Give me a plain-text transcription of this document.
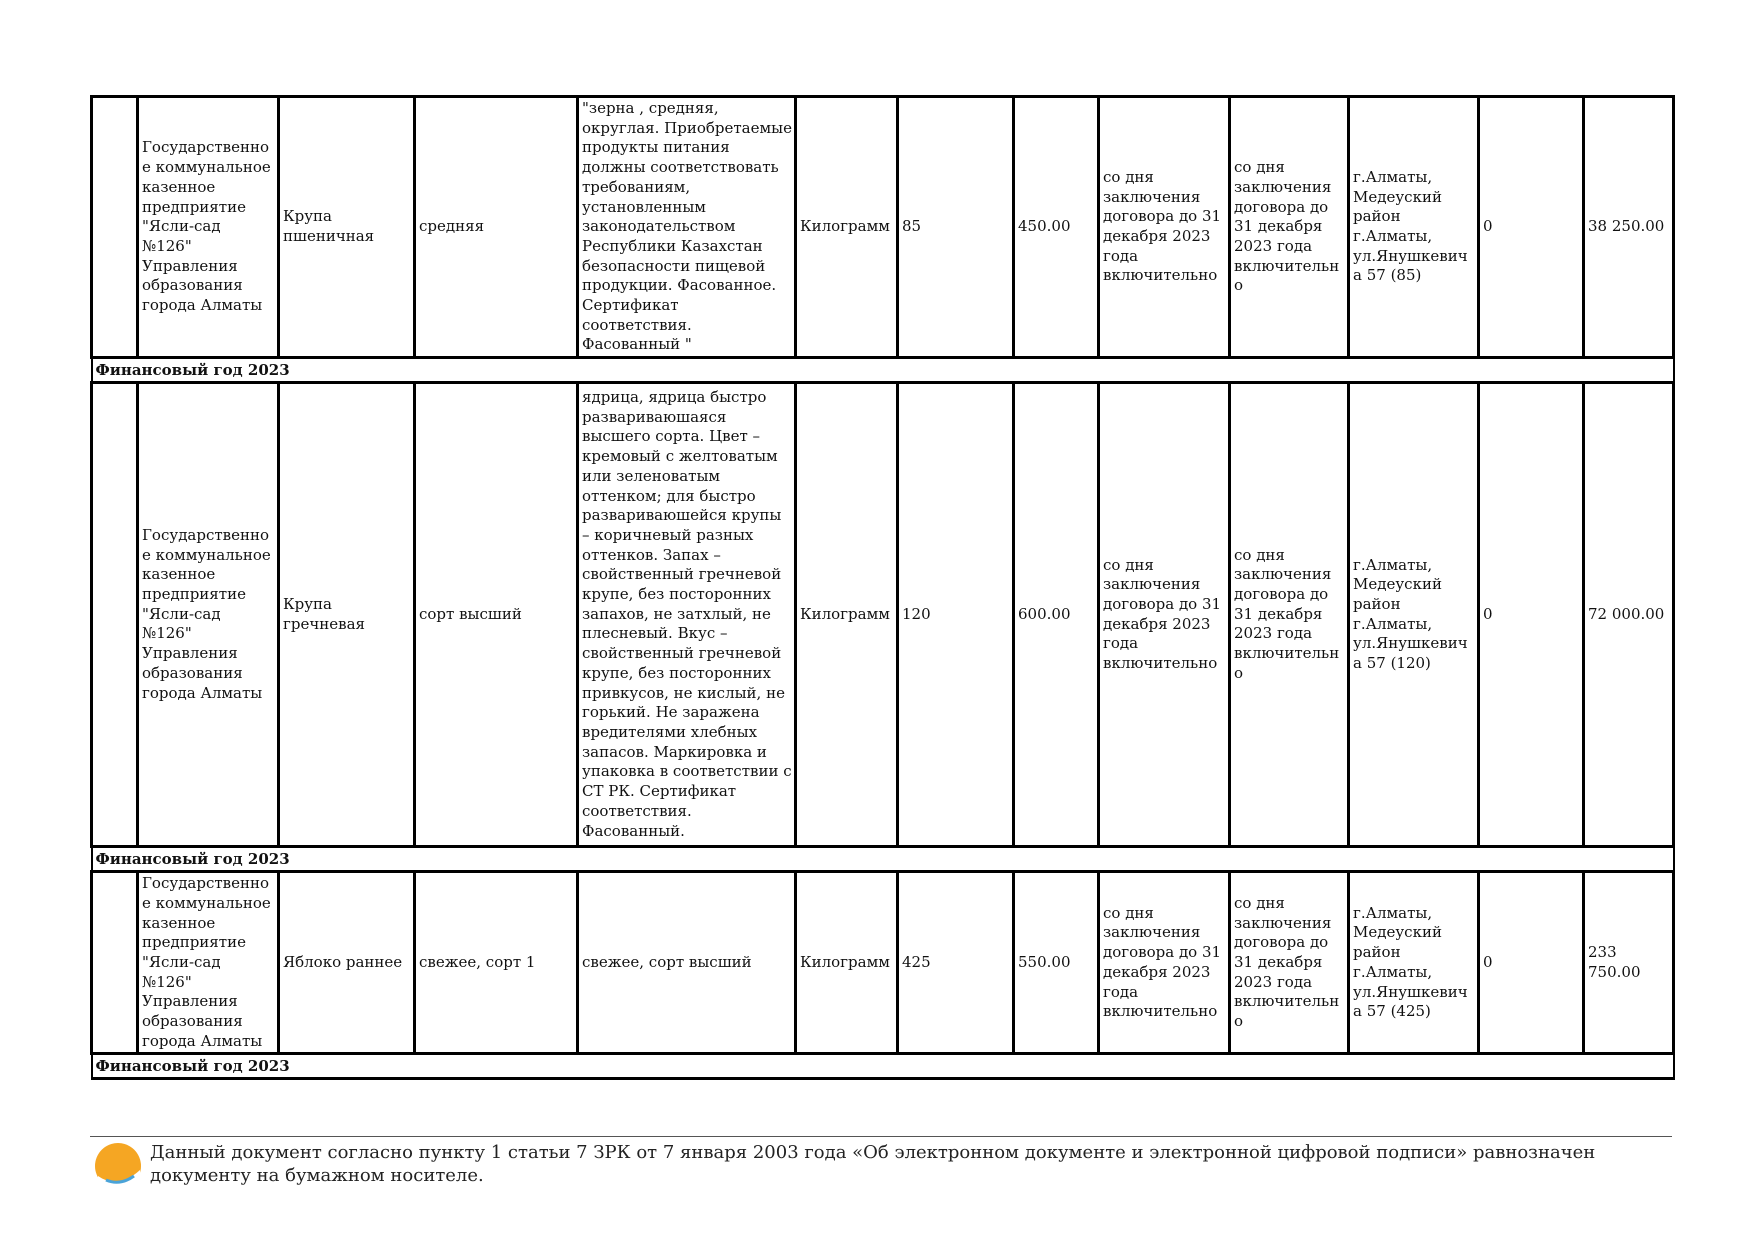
	Государственное коммунальное казенное предприятие "Ясли-сад №126" Управления образования города Алматы	Крупа пшеничная	средняя	"зерна , средняя, округлая. Приобретаемые продукты питания должны соответствовать требованиям, установленным законодательством Республики Казахстан безопасности пищевой продукции. Фасованное. Сертификат соответствия. Фасованный "	Килограмм	85	450.00	со дня заключения договора до 31 декабря 2023 года включительно	со дня заключения договора до 31 декабря 2023 года включительно	г.Алматы, Медеуский район г.Алматы, ул.Янушкевича 57 (85)	0	38 250.00
Финансовый год 2023												
	Государственное коммунальное казенное предприятие "Ясли-сад №126" Управления образования города Алматы	Крупа гречневая	сорт высший	ядрица, ядрица быстро развариваюшаяся высшего сорта. Цвет – кремовый с желтоватым или зеленоватым оттенком; для быстро развариваюшейся крупы – коричневый разных оттенков. Запах – свойственный гречневой крупе, без посторонних запахов, не затхлый, не плесневый. Вкус – свойственный гречневой крупе, без посторонних привкусов, не кислый, не горький. Не заражена вредителями хлебных запасов. Маркировка и упаковка в соответствии с СТ РК. Сертификат соответствия. Фасованный.	Килограмм	120	600.00	со дня заключения договора до 31 декабря 2023 года включительно	со дня заключения договора до 31 декабря 2023 года включительно	г.Алматы, Медеуский район г.Алматы, ул.Янушкевича 57 (120)	0	72 000.00
Финансовый год 2023												
	Государственное коммунальное казенное предприятие "Ясли-сад №126" Управления образования города Алматы	Яблоко раннее	свежее, сорт 1	свежее, сорт высший	Килограмм	425	550.00	со дня заключения договора до 31 декабря 2023 года включительно	со дня заключения договора до 31 декабря 2023 года включительно	г.Алматы, Медеуский район г.Алматы, ул.Янушкевича 57 (425)	0	233 750.00
Финансовый год 2023												
Данный документ согласно пункту 1 статьи 7 ЗРК от 7 января 2003 года «Об электронном документе и электронной цифровой подписи» равнозначен документу на бумажном носителе.
